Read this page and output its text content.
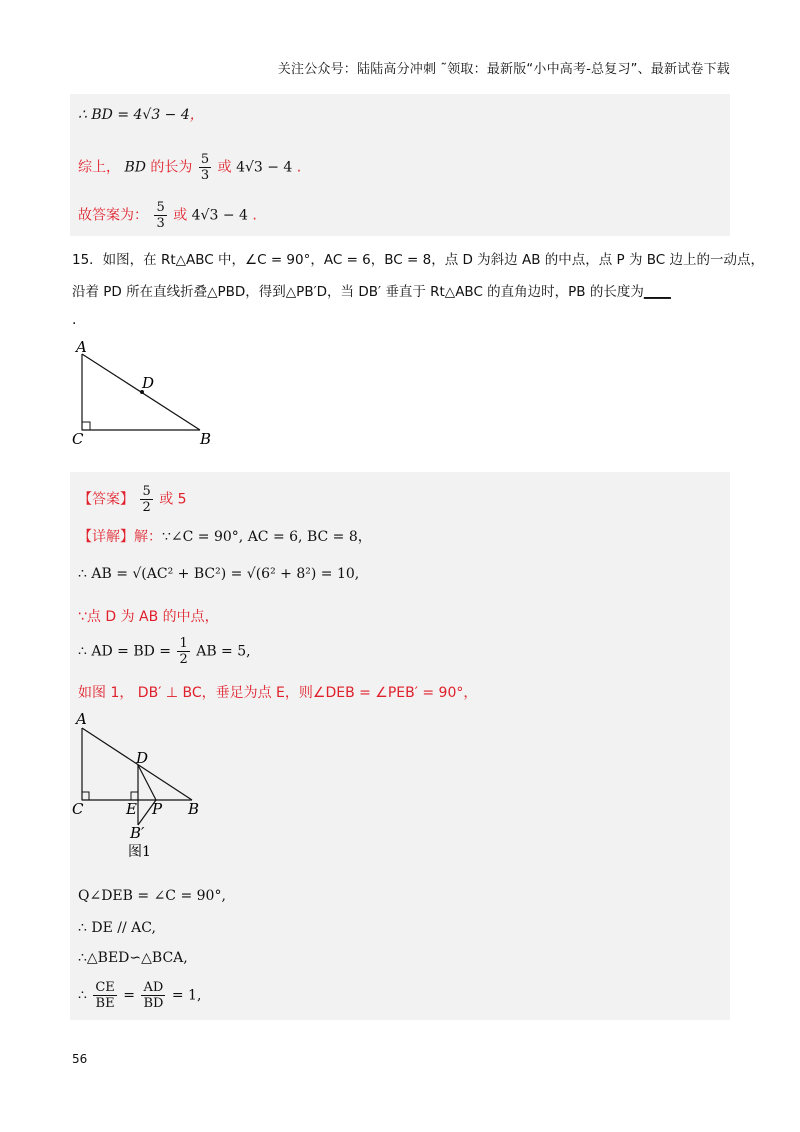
关注公众号：陆陆高分冲刺 ˜领取：最新版“小中高考-总复习”、最新试卷下载
∴ BD = 4√3 − 4，
综上， BD 的长为 $\frac{5}{3}$ 或 4√3 − 4 .
故答案为： $\frac{5}{3}$ 或 4√3 − 4 .
15．如图，在 Rt△ABC 中，∠C = 90°，AC = 6，BC = 8，点 D 为斜边 AB 的中点，点 P 为 BC 边上的一动点，
沿着 PD 所在直线折叠△PBD，得到△PB′D，当 DB′ 垂直于 Rt△ABC 的直角边时，PB 的长度为____
.
A
D
C	B
【答案】 $\frac{5}{2}$ 或 5
【详解】解：∵∠C = 90°, AC = 6, BC = 8，
∴ AB = √(AC² + BC²) = √(6² + 8²) = 10,
∵点 D 为 AB 的中点，
∴ AD = BD = $\frac{1}{2}$ AB = 5,
如图 1， DB′ ⊥ BC，垂足为点 E，则∠DEB = ∠PEB′ = 90°，
A
D
C	E P B
B′
图1
Q∠DEB = ∠C = 90°,
∴ DE // AC,
∴△BED∽△BCA,
∴ $\frac{CE}{BE} = \frac{AD}{BD} = 1$,
56
